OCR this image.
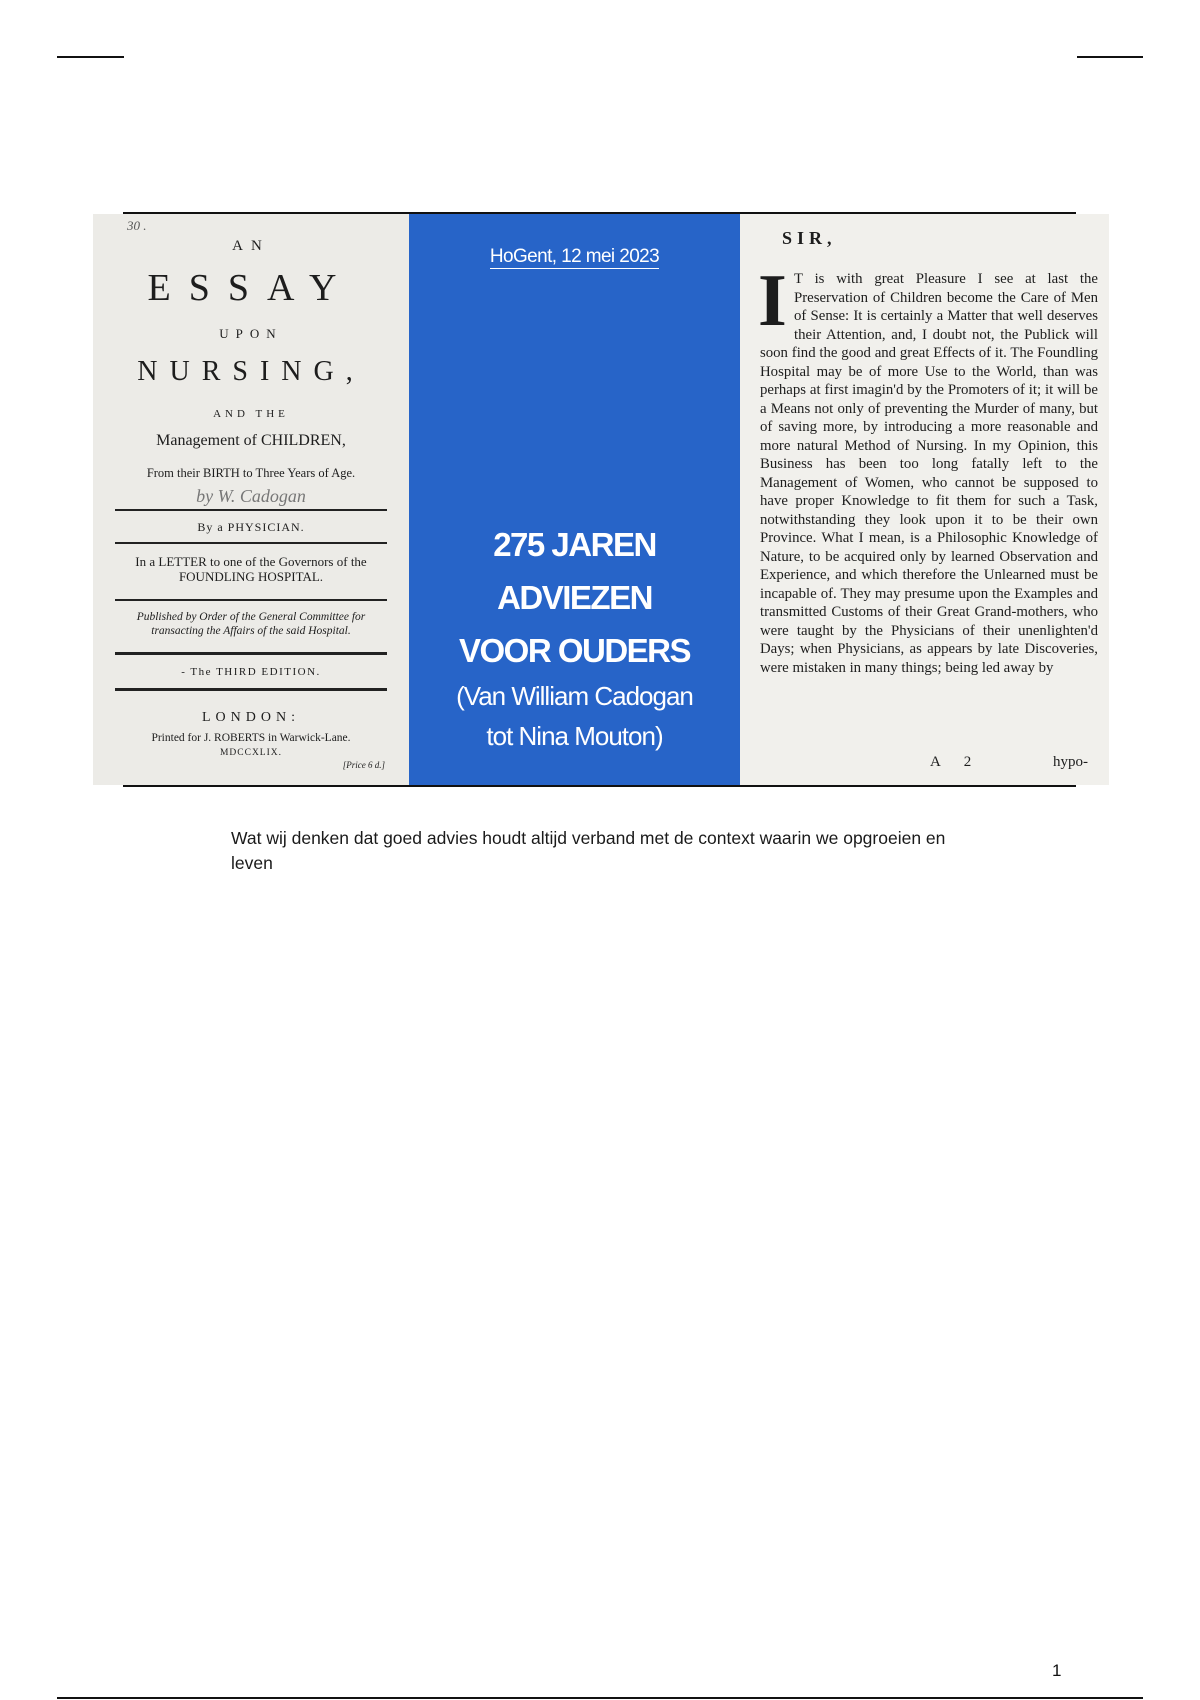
30 .
AN
ESSAY
UPON
NURSING,
AND THE
Management of CHILDREN,
From their BIRTH to Three Years of Age.
by W. Cadogan
By a PHYSICIAN.
In a LETTER to one of the Governors of the FOUNDLING HOSPITAL.
Published by Order of the General Committee for transacting the Affairs of the said Hospital.
- The THIRD EDITION.
LONDON:
Printed for J. ROBERTS in Warwick-Lane.
MDCCXLIX.
[Price 6 d.]
HoGent, 12 mei 2023
275 JAREN
ADVIEZEN
VOOR OUDERS
(Van William Cadogan
tot Nina Mouton)
SIR,
I T is with great Pleasure I see at last the Preservation of Children become the Care of Men of Sense: It is certainly a Matter that well deserves their Attention, and, I doubt not, the Publick will soon find the good and great Effects of it. The Foundling Hospital may be of more Use to the World, than was perhaps at first imagin'd by the Promoters of it; it will be a Means not only of preventing the Murder of many, but of saving more, by introducing a more reasonable and more natural Method of Nursing. In my Opinion, this Business has been too long fatally left to the Management of Women, who cannot be supposed to have proper Knowledge to fit them for such a Task, notwithstanding they look upon it to be their own Province. What I mean, is a Philosophic Knowledge of Nature, to be acquired only by learned Observation and Experience, and which therefore the Unlearned must be incapable of. They may presume upon the Examples and transmitted Customs of their Great Grand-mothers, who were taught by the Physicians of their unenlighten'd Days; when Physicians, as appears by late Discoveries, were mistaken in many things; being led away by
A 2	hypo-
Wat wij denken dat goed advies houdt altijd verband met de context waarin we opgroeien en leven
1
